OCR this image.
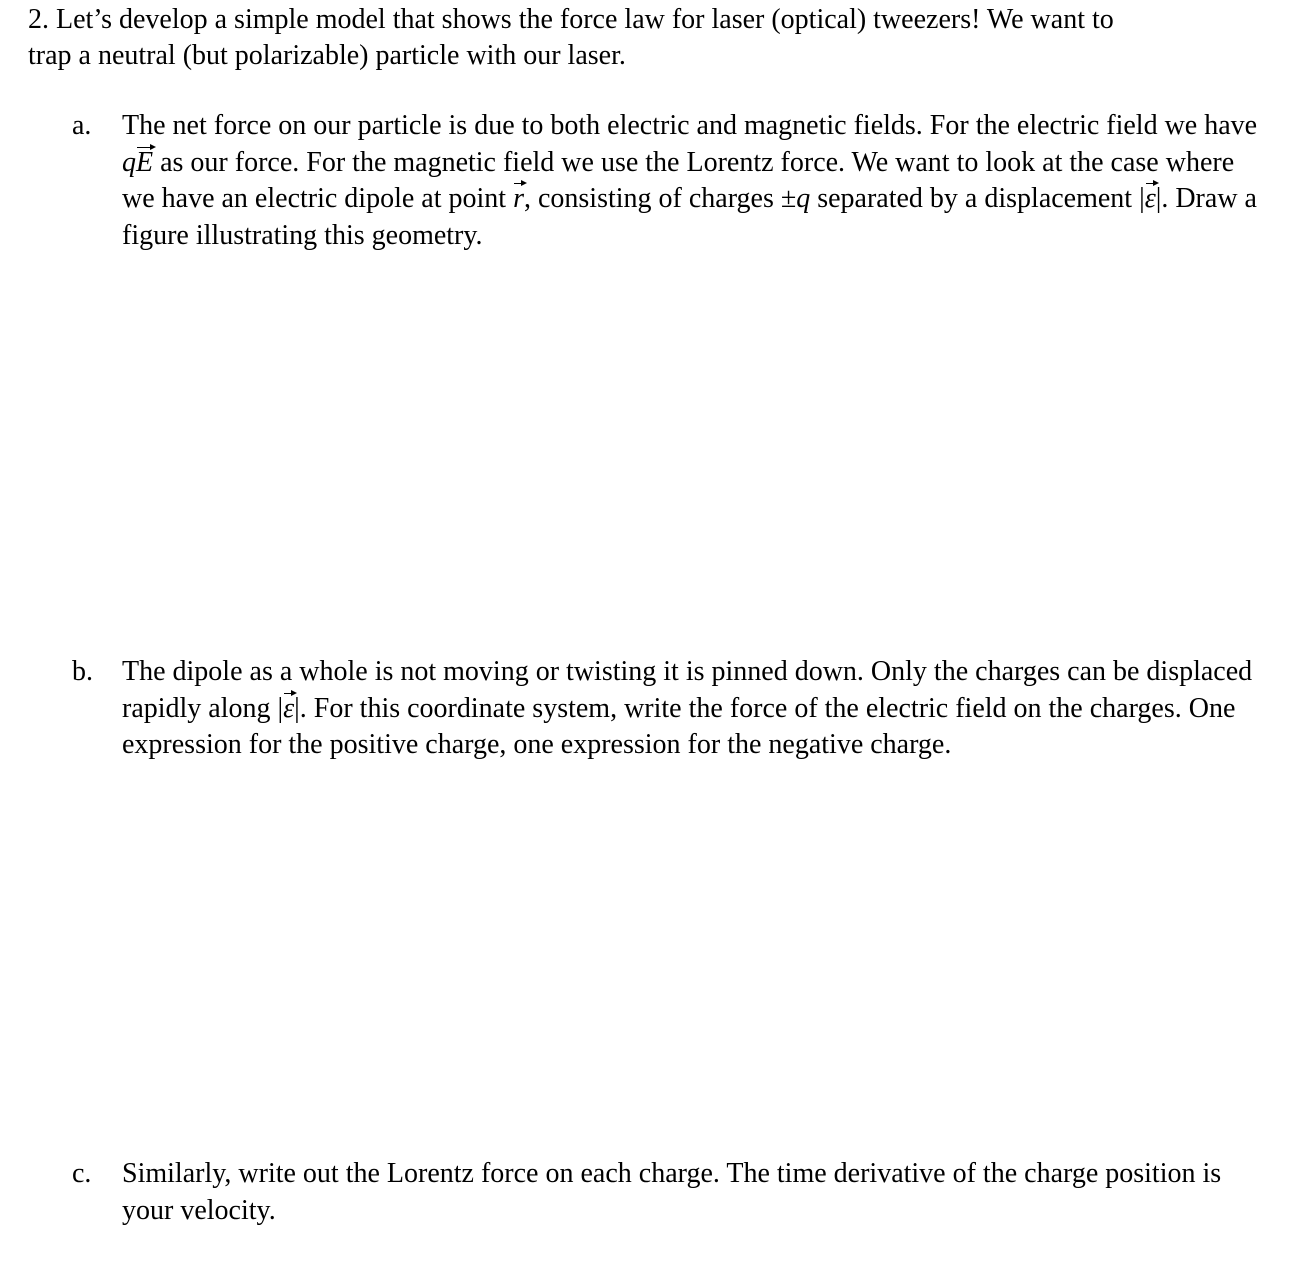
2. Let’s develop a simple model that shows the force law for laser (optical) tweezers! We want to
trap a neutral (but polarizable) particle with our laser.
a.	The net force on our particle is due to both electric and magnetic fields. For the electric field we have qE as our force. For the magnetic field we use the Lorentz force. We want to look at the case where we have an electric dipole at point r, consisting of charges ±q separated by a displacement |ε|. Draw a figure illustrating this geometry.
b.	The dipole as a whole is not moving or twisting it is pinned down. Only the charges can be displaced rapidly along |ε|. For this coordinate system, write the force of the electric field on the charges. One expression for the positive charge, one expression for the negative charge.
c.	Similarly, write out the Lorentz force on each charge. The time derivative of the charge position is your velocity.
